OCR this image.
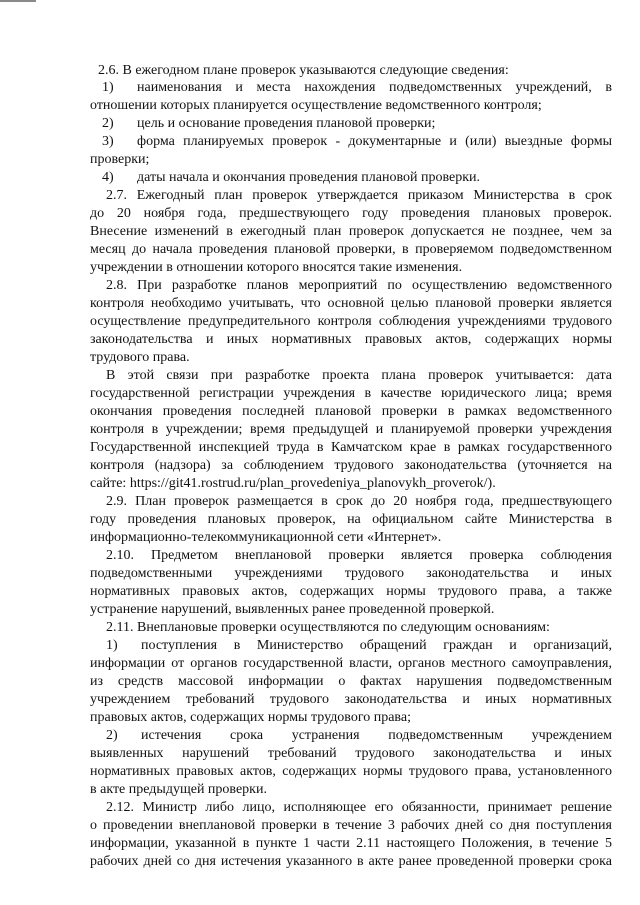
2.6. В ежегодном плане проверок указываются следующие сведения:

1) наименования и места нахождения подведомственных учреждений, в

отношении которых планируется осуществление ведомственного контроля;

2) цель и основание проведения плановой проверки;

3) форма планируемых проверок - документарные и (или) выездные формы

проверки;

4) даты начала и окончания проведения плановой проверки.

2.7. Ежегодный план проверок утверждается приказом Министерства в срок

до 20 ноября года, предшествующего году проведения плановых проверок.

Внесение изменений в ежегодный план проверок допускается не позднее, чем за

месяц до начала проведения плановой проверки, в проверяемом подведомственном

учреждении в отношении которого вносятся такие изменения.

2.8. При разработке планов мероприятий по осуществлению ведомственного

контроля необходимо учитывать, что основной целью плановой проверки является

осуществление предупредительного контроля соблюдения учреждениями трудового

законодательства и иных нормативных правовых актов, содержащих нормы

трудового права.

В этой связи при разработке проекта плана проверок учитывается: дата

государственной регистрации учреждения в качестве юридического лица; время

окончания проведения последней плановой проверки в рамках ведомственного

контроля в учреждении; время предыдущей и планируемой проверки учреждения

Государственной инспекцией труда в Камчатском крае в рамках государственного

контроля (надзора) за соблюдением трудового законодательства (уточняется на

сайте: https://git41.rostrud.ru/plan_provedeniya_planovykh_proverok/).

2.9. План проверок размещается в срок до 20 ноября года, предшествующего

году проведения плановых проверок, на официальном сайте Министерства в

информационно-телекоммуникационной сети «Интернет».

2.10. Предметом внеплановой проверки является проверка соблюдения

подведомственными учреждениями трудового законодательства и иных

нормативных правовых актов, содержащих нормы трудового права, а также

устранение нарушений, выявленных ранее проведенной проверкой.

2.11. Внеплановые проверки осуществляются по следующим основаниям:

1) поступления в Министерство обращений граждан и организаций,

информации от органов государственной власти, органов местного самоуправления,

из средств массовой информации о фактах нарушения подведомственным

учреждением требований трудового законодательства и иных нормативных

правовых актов, содержащих нормы трудового права;

2) истечения срока устранения подведомственным учреждением

выявленных нарушений требований трудового законодательства и иных

нормативных правовых актов, содержащих нормы трудового права, установленного

в акте предыдущей проверки.

2.12. Министр либо лицо, исполняющее его обязанности, принимает решение

о проведении внеплановой проверки в течение 3 рабочих дней со дня поступления

информации, указанной в пункте 1 части 2.11 настоящего Положения, в течение 5

рабочих дней со дня истечения указанного в акте ранее проведенной проверки срока
